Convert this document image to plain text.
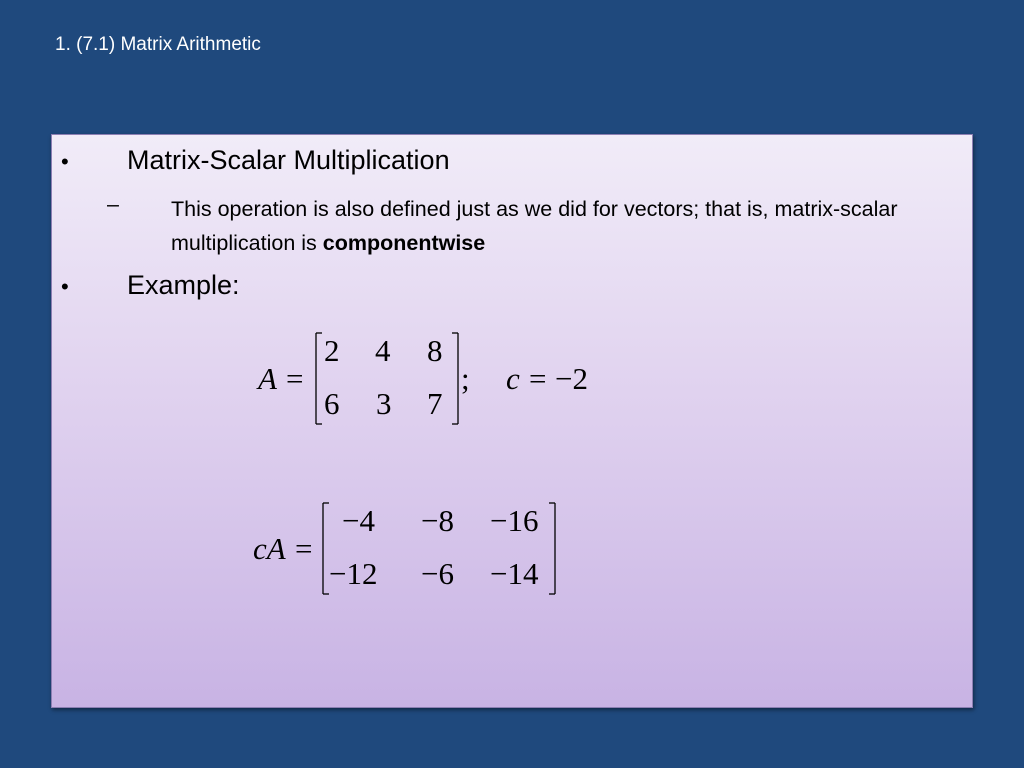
1. (7.1) Matrix Arithmetic
•	Matrix-Scalar Multiplication
–	This operation is also defined just as we did for vectors; that is, matrix-scalar multiplication is componentwise
•	Example:
A =
2 4 8
6 3 7
; c = −2
cA =
−4 −8 −16
−12 −6 −14
